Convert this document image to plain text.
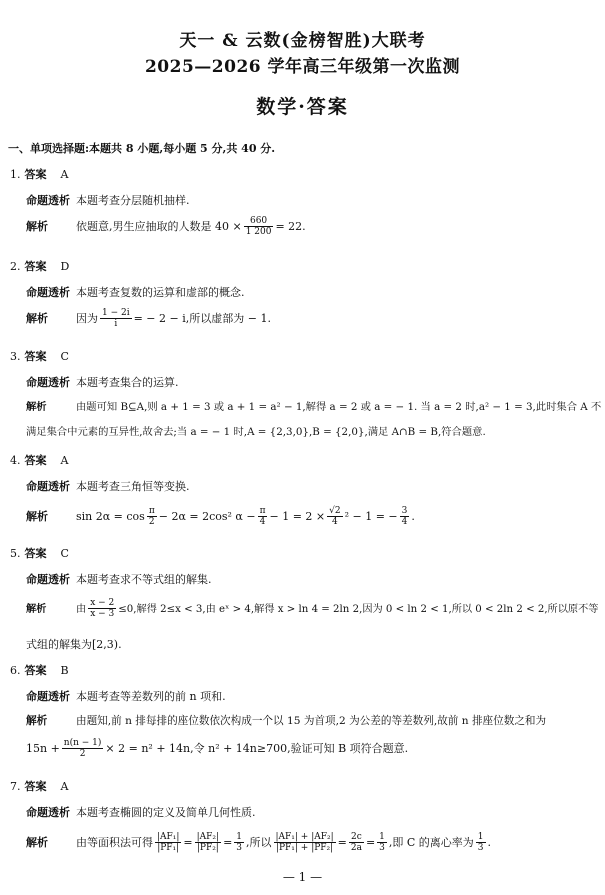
天一 & 云数(金榜智胜)大联考
2025—2026 学年高三年级第一次监测
数学·答案
一、单项选择题:本题共 8 小题,每小题 5 分,共 40 分.
1. 答案 A
命题透析 本题考查分层随机抽样.
解析	依题意,男生应抽取的人数是 $40 \times \frac{660}{1 200} = 22$.
2. 答案 D
命题透析 本题考查复数的运算和虚部的概念.
解析	因为 $\frac{1 - 2i}{i}$ = − 2 − i,所以虚部为 − 1.
3. 答案 C
命题透析 本题考查集合的运算.
解析	由题可知 B⊆A,则 a + 1 = 3 或 a + 1 = a² − 1,解得 a = 2 或 a = − 1. 当 a = 2 时,a² − 1 = 3,此时集合 A 不
满足集合中元素的互异性,故舍去;当 a = − 1 时,A = {2,3,0},B = {2,0},满足 A∩B = B,符合题意.
4. 答案 A
命题透析 本题考查三角恒等变换.
解析	$\sin 2\alpha = \cos \frac{\pi}{2} - 2\alpha = 2\cos^2$ $\alpha - \frac{\pi}{4} - 1 = 2 \times \frac{√2}{4} ^2 - 1$ = − $\frac{3}{4}$ .
5. 答案 C
命题透析 本题考查求不等式组的解集.
解析	由 $\frac{x - 2}{x - 3} \le 0$,解得 2≤x < 3,由 eˣ > 4,解得 x > ln 4 = 2ln 2,因为 0 < ln 2 < 1,所以 0 < 2ln 2 < 2,所以原不等
式组的解集为[2,3).
6. 答案 B
命题透析 本题考查等差数列的前 n 项和.
解析	由题知,前 n 排每排的座位数依次构成一个以 15 为首项,2 为公差的等差数列,故前 n 排座位数之和为
$15n + \frac{n(n - 1)}{2} \times 2 = n^2 + 14n$,令 n² + 14n≥700,验证可知 B 项符合题意.
7. 答案 A
命题透析 本题考查椭圆的定义及简单几何性质.
解析	由等面积法可得 $\frac{\text{|AF₁|}}{\text{|PF₁|}} = \frac{\text{|AF₂|}}{\text{|PF₂|}} = \frac{1}{3}$ ,所以 $\frac{\text{|AF₁| + |AF₂|}}{\text{|PF₁| + |PF₂|}} = \frac{2c}{2a} = \frac{1}{3}$ ,即 C 的离心率为 $\frac{1}{3}$ .
— 1 —
